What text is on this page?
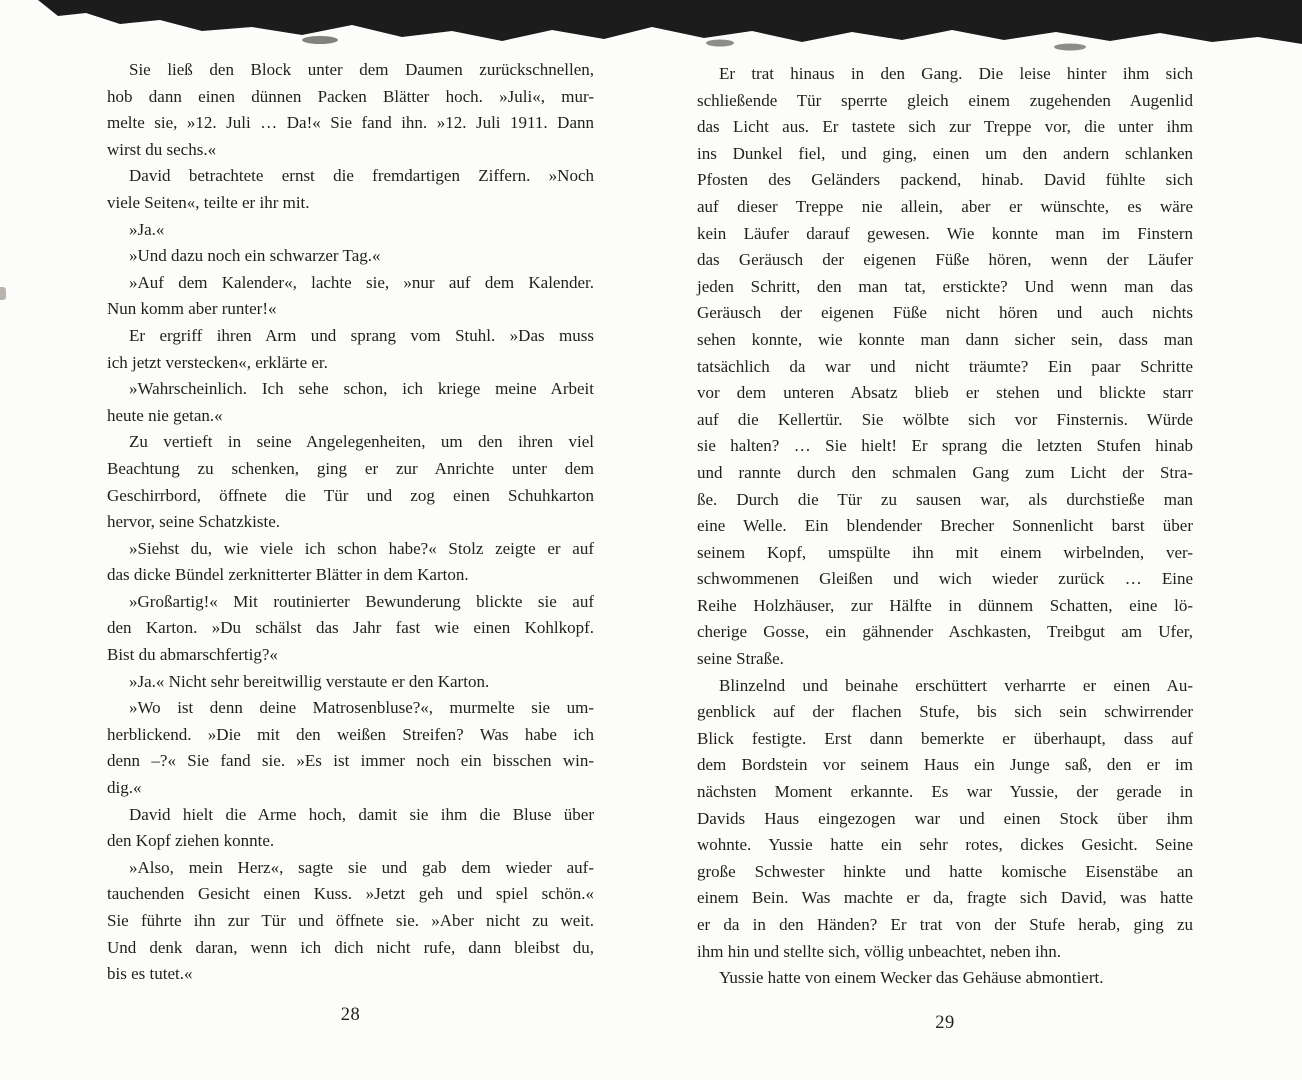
Sie ließ den Block unter dem Daumen zurückschnellen,
hob dann einen dünnen Packen Blätter hoch. »Juli«, mur-
melte sie, »12. Juli … Da!« Sie fand ihn. »12. Juli 1911. Dann
wirst du sechs.«
David betrachtete ernst die fremdartigen Ziffern. »Noch
viele Seiten«, teilte er ihr mit.
»Ja.«
»Und dazu noch ein schwarzer Tag.«
»Auf dem Kalender«, lachte sie, »nur auf dem Kalender.
Nun komm aber runter!«
Er ergriff ihren Arm und sprang vom Stuhl. »Das muss
ich jetzt verstecken«, erklärte er.
»Wahrscheinlich. Ich sehe schon, ich kriege meine Arbeit
heute nie getan.«
Zu vertieft in seine Angelegenheiten, um den ihren viel
Beachtung zu schenken, ging er zur Anrichte unter dem
Geschirrbord, öffnete die Tür und zog einen Schuhkarton
hervor, seine Schatzkiste.
»Siehst du, wie viele ich schon habe?« Stolz zeigte er auf
das dicke Bündel zerknitterter Blätter in dem Karton.
»Großartig!« Mit routinierter Bewunderung blickte sie auf
den Karton. »Du schälst das Jahr fast wie einen Kohlkopf.
Bist du abmarschfertig?«
»Ja.« Nicht sehr bereitwillig verstaute er den Karton.
»Wo ist denn deine Matrosenbluse?«, murmelte sie um-
herblickend. »Die mit den weißen Streifen? Was habe ich
denn –?« Sie fand sie. »Es ist immer noch ein bisschen win-
dig.«
David hielt die Arme hoch, damit sie ihm die Bluse über
den Kopf ziehen konnte.
»Also, mein Herz«, sagte sie und gab dem wieder auf-
tauchenden Gesicht einen Kuss. »Jetzt geh und spiel schön.«
Sie führte ihn zur Tür und öffnete sie. »Aber nicht zu weit.
Und denk daran, wenn ich dich nicht rufe, dann bleibst du,
bis es tutet.«
28
Er trat hinaus in den Gang. Die leise hinter ihm sich
schließende Tür sperrte gleich einem zugehenden Augenlid
das Licht aus. Er tastete sich zur Treppe vor, die unter ihm
ins Dunkel fiel, und ging, einen um den andern schlanken
Pfosten des Geländers packend, hinab. David fühlte sich
auf dieser Treppe nie allein, aber er wünschte, es wäre
kein Läufer darauf gewesen. Wie konnte man im Finstern
das Geräusch der eigenen Füße hören, wenn der Läufer
jeden Schritt, den man tat, erstickte? Und wenn man das
Geräusch der eigenen Füße nicht hören und auch nichts
sehen konnte, wie konnte man dann sicher sein, dass man
tatsächlich da war und nicht träumte? Ein paar Schritte
vor dem unteren Absatz blieb er stehen und blickte starr
auf die Kellertür. Sie wölbte sich vor Finsternis. Würde
sie halten? … Sie hielt! Er sprang die letzten Stufen hinab
und rannte durch den schmalen Gang zum Licht der Stra-
ße. Durch die Tür zu sausen war, als durchstieße man
eine Welle. Ein blendender Brecher Sonnenlicht barst über
seinem Kopf, umspülte ihn mit einem wirbelnden, ver-
schwommenen Gleißen und wich wieder zurück … Eine
Reihe Holzhäuser, zur Hälfte in dünnem Schatten, eine lö-
cherige Gosse, ein gähnender Aschkasten, Treibgut am Ufer,
seine Straße.
Blinzelnd und beinahe erschüttert verharrte er einen Au-
genblick auf der flachen Stufe, bis sich sein schwirrender
Blick festigte. Erst dann bemerkte er überhaupt, dass auf
dem Bordstein vor seinem Haus ein Junge saß, den er im
nächsten Moment erkannte. Es war Yussie, der gerade in
Davids Haus eingezogen war und einen Stock über ihm
wohnte. Yussie hatte ein sehr rotes, dickes Gesicht. Seine
große Schwester hinkte und hatte komische Eisenstäbe an
einem Bein. Was machte er da, fragte sich David, was hatte
er da in den Händen? Er trat von der Stufe herab, ging zu
ihm hin und stellte sich, völlig unbeachtet, neben ihn.
Yussie hatte von einem Wecker das Gehäuse abmontiert.
29
